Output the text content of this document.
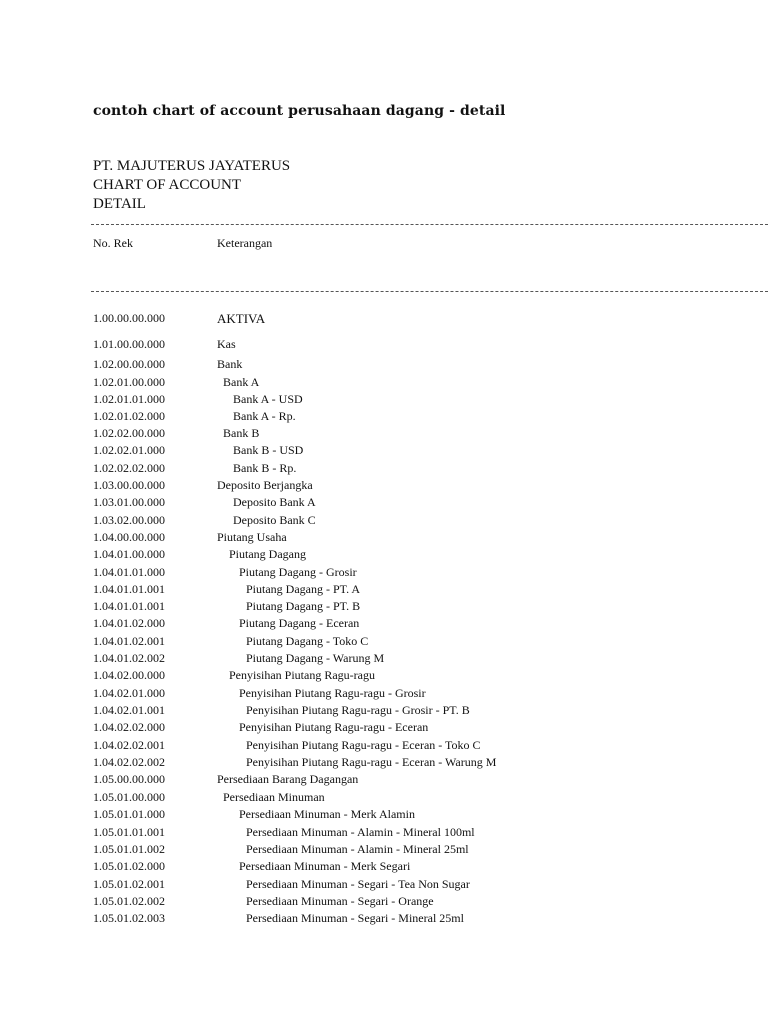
contoh chart of account perusahaan dagang - detail
PT. MAJUTERUS JAYATERUS
CHART OF ACCOUNT
DETAIL
No. Rek	Keterangan
1.00.00.00.000	AKTIVA
1.01.00.00.000	Kas
1.02.00.00.000	Bank
1.02.01.00.000	Bank A
1.02.01.01.000	Bank A - USD
1.02.01.02.000	Bank A - Rp.
1.02.02.00.000	Bank B
1.02.02.01.000	Bank B - USD
1.02.02.02.000	Bank B - Rp.
1.03.00.00.000	Deposito Berjangka
1.03.01.00.000	Deposito Bank A
1.03.02.00.000	Deposito Bank C
1.04.00.00.000	Piutang Usaha
1.04.01.00.000	Piutang Dagang
1.04.01.01.000	Piutang Dagang - Grosir
1.04.01.01.001	Piutang Dagang - PT. A
1.04.01.01.001	Piutang Dagang - PT. B
1.04.01.02.000	Piutang Dagang - Eceran
1.04.01.02.001	Piutang Dagang - Toko C
1.04.01.02.002	Piutang Dagang - Warung M
1.04.02.00.000	Penyisihan Piutang Ragu-ragu
1.04.02.01.000	Penyisihan Piutang Ragu-ragu - Grosir
1.04.02.01.001	Penyisihan Piutang Ragu-ragu - Grosir - PT. B
1.04.02.02.000	Penyisihan Piutang Ragu-ragu - Eceran
1.04.02.02.001	Penyisihan Piutang Ragu-ragu - Eceran - Toko C
1.04.02.02.002	Penyisihan Piutang Ragu-ragu - Eceran - Warung M
1.05.00.00.000	Persediaan Barang Dagangan
1.05.01.00.000	Persediaan Minuman
1.05.01.01.000	Persediaan Minuman - Merk Alamin
1.05.01.01.001	Persediaan Minuman - Alamin - Mineral 100ml
1.05.01.01.002	Persediaan Minuman - Alamin - Mineral 25ml
1.05.01.02.000	Persediaan Minuman - Merk Segari
1.05.01.02.001	Persediaan Minuman - Segari - Tea Non Sugar
1.05.01.02.002	Persediaan Minuman - Segari - Orange
1.05.01.02.003	Persediaan Minuman - Segari - Mineral 25ml
